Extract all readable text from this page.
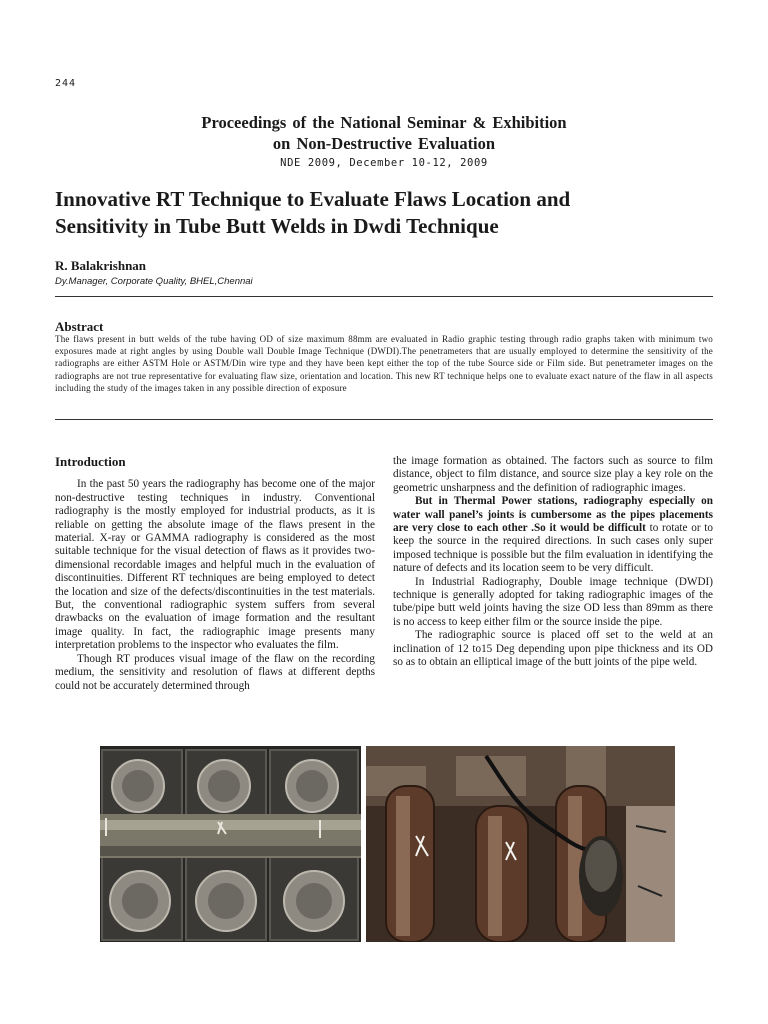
244
Proceedings of the National Seminar & Exhibition
on Non-Destructive Evaluation
NDE 2009, December 10-12, 2009
Innovative RT Technique to Evaluate Flaws Location and
Sensitivity in Tube Butt Welds in Dwdi Technique
R. Balakrishnan
Dy.Manager, Corporate Quality, BHEL,Chennai
Abstract
The flaws present in butt welds of the tube having OD of size maximum 88mm are evaluated in Radio graphic testing through radio graphs taken with minimum two exposures made at right angles by using Double wall Double Image Technique (DWDI).The penetrameters that are usually employed to determine the sensitivity of the radiographs are either ASTM Hole or ASTM/Din wire type and they have been kept either the top of the tube Source side or Film side. But penetrameter images on the radiographs are not true representative for evaluating flaw size, orientation and location. This new RT technique helps one to evaluate exact nature of the flaw in all aspects including the study of the images taken in any possible direction of exposure

Introduction

In the past 50 years the radiography has become one of the major non-destructive testing techniques in industry. Conventional radiography is the mostly employed for industrial products, as it is reliable on getting the absolute image of the flaws present in the material. X-ray or GAMMA radiography is considered as the most suitable technique for the visual detection of flaws as it provides two-dimensional recordable images and helpful much in the evaluation of discontinuities. Different RT techniques are being employed to detect the location and size of the defects/discontinuities in the test materials. But, the conventional radiographic system suffers from several drawbacks on the evaluation of image formation and the resultant image quality. In fact, the radiographic image presents many interpretation problems to the inspector who evaluates the film.

Though RT produces visual image of the flaw on the recording medium, the sensitivity and resolution of flaws at different depths could not be accurately determined through

the image formation as obtained. The factors such as source to film distance, object to film distance, and source size play a key role on the geometric unsharpness and the definition of radiographic images.

But in Thermal Power stations, radiography especially on water wall panel’s joints is cumbersome as the pipes placements are very close to each other .So it would be difficult to rotate or to keep the source in the required directions. In such cases only super imposed technique is possible but the film evaluation in identifying the nature of defects and its location seem to be very difficult.

In Industrial Radiography, Double image technique (DWDI) technique is generally adopted for taking radiographic images of the tube/pipe butt weld joints having the size OD less than 89mm as there is no access to keep either film or the source inside the pipe.

The radiographic source is placed off set to the weld at an inclination of 12 to15 Deg depending upon pipe thickness and its OD so as to obtain an elliptical image of the butt joints of the pipe weld.
